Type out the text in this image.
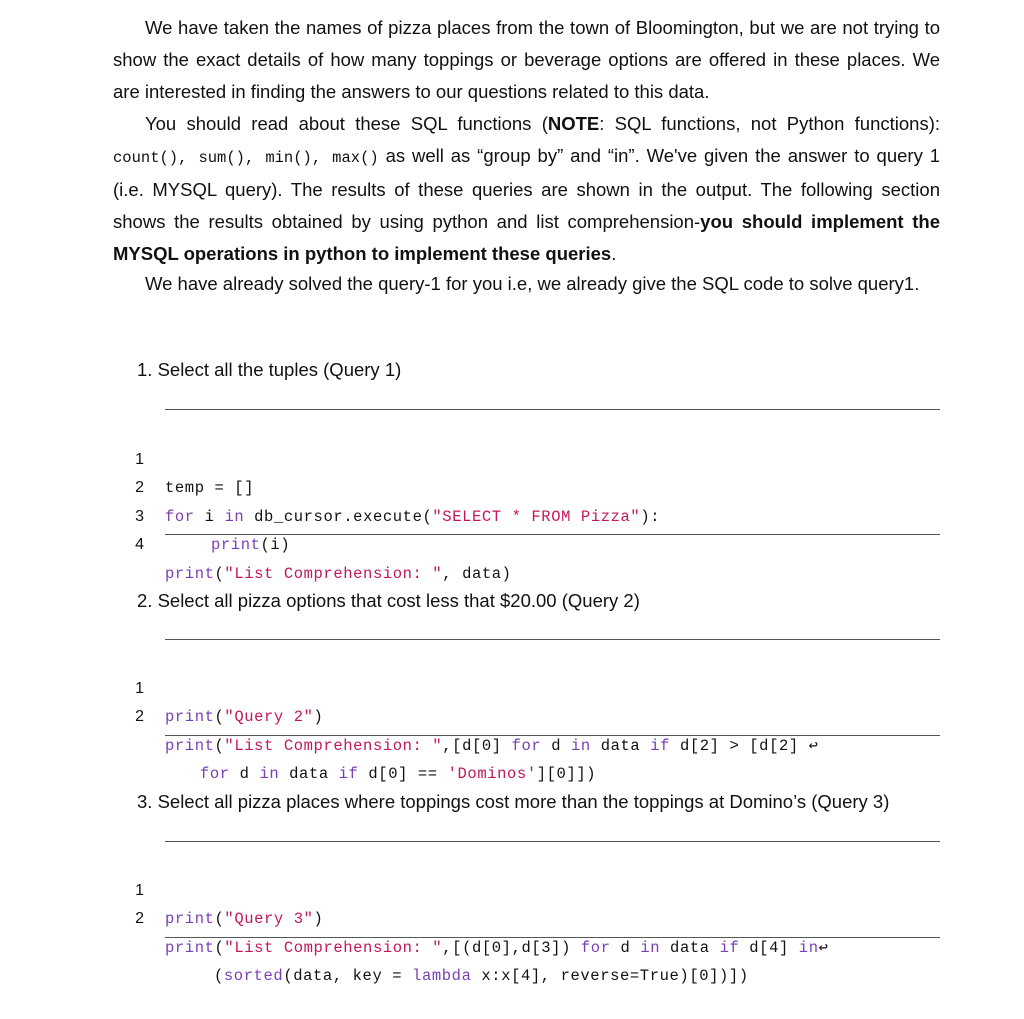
We have taken the names of pizza places from the town of Bloomington, but we are not trying to show the exact details of how many toppings or beverage options are offered in these places. We are interested in finding the answers to our questions related to this data.

You should read about these SQL functions (NOTE: SQL functions, not Python functions): count(), sum(), min(), max() as well as “group by” and “in”. We've given the answer to query 1 (i.e. MYSQL query). The results of these queries are shown in the output. The following section shows the results obtained by using python and list comprehension-you should implement the MYSQL operations in python to implement these queries.

We have already solved the query-1 for you i.e, we already give the SQL code to solve query1.

1. Select all the tuples (Query 1)

1

temp = []

2

for i in db_cursor.execute("SELECT * FROM Pizza"):

3

print(i)

4

print("List Comprehension: ", data)

2. Select all pizza options that cost less that $20.00 (Query 2)

1

print("Query 2")

2

print("List Comprehension: ",[d[0] for d in data if d[2] > [d[2] ↩

for d in data if d[0] == 'Dominos'][0]])

3. Select all pizza places where toppings cost more than the toppings at Domino’s (Query 3)

1

print("Query 3")

2

print("List Comprehension: ",[(d[0],d[3]) for d in data if d[4] in↩

(sorted(data, key = lambda x:x[4], reverse=True)[0])])
